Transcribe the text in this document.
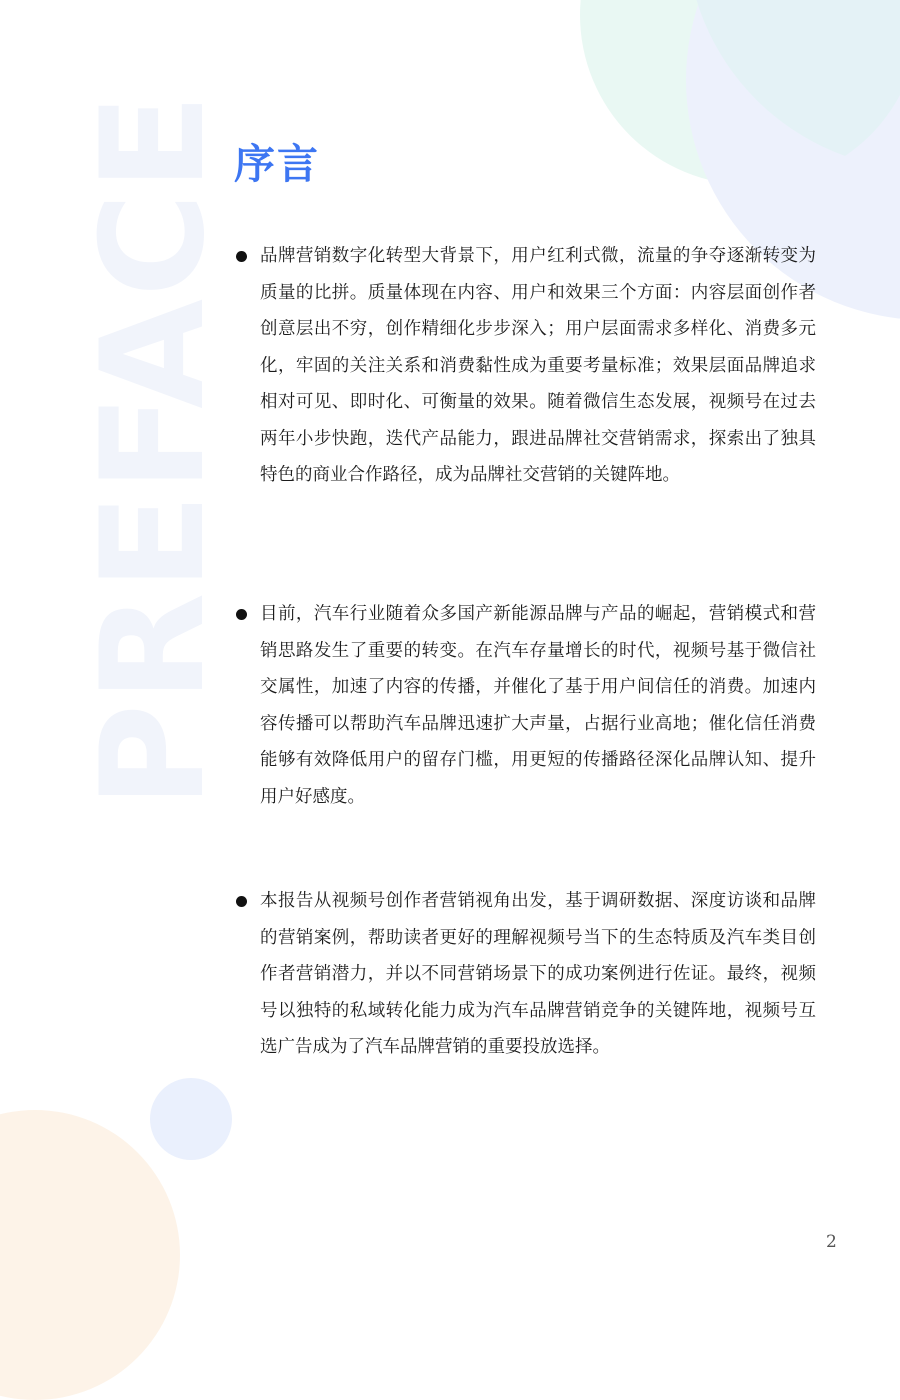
PREFACE
序言
品牌营销数字化转型大背景下，用户红利式微，流量的争夺逐渐转变为质量的比拼。质量体现在内容、用户和效果三个方面：内容层面创作者创意层出不穷，创作精细化步步深入；用户层面需求多样化、消费多元化，牢固的关注关系和消费黏性成为重要考量标准；效果层面品牌追求相对可见、即时化、可衡量的效果。随着微信生态发展，视频号在过去两年小步快跑，迭代产品能力，跟进品牌社交营销需求，探索出了独具特色的商业合作路径，成为品牌社交营销的关键阵地。
目前，汽车行业随着众多国产新能源品牌与产品的崛起，营销模式和营销思路发生了重要的转变。在汽车存量增长的时代，视频号基于微信社交属性，加速了内容的传播，并催化了基于用户间信任的消费。加速内容传播可以帮助汽车品牌迅速扩大声量，占据行业高地；催化信任消费能够有效降低用户的留存门槛，用更短的传播路径深化品牌认知、提升用户好感度。
本报告从视频号创作者营销视角出发，基于调研数据、深度访谈和品牌的营销案例，帮助读者更好的理解视频号当下的生态特质及汽车类目创作者营销潜力，并以不同营销场景下的成功案例进行佐证。最终，视频号以独特的私域转化能力成为汽车品牌营销竞争的关键阵地，视频号互选广告成为了汽车品牌营销的重要投放选择。
2
